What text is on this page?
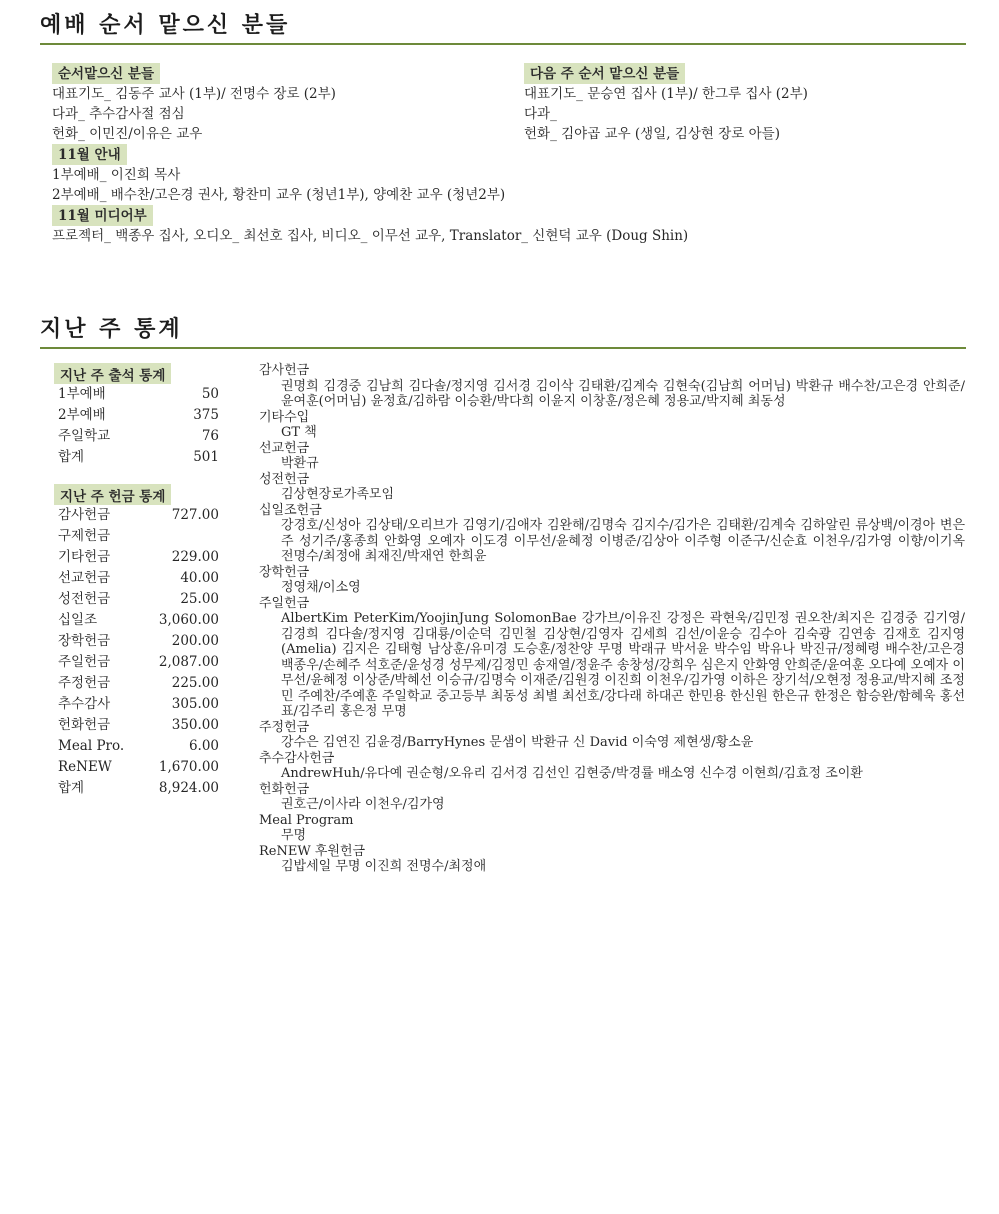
예배 순서 맡으신 분들
순서맡으신 분들
대표기도_ 김동주 교사 (1부)/ 전명수 장로 (2부)
다과_ 추수감사절 점심
헌화_ 이민진/이유은 교우
11월 안내
1부예배_ 이진희 목사
2부예배_ 배수찬/고은경 권사, 황찬미 교우 (청년1부), 양예찬 교우 (청년2부)
11월 미디어부
프로젝터_ 백종우 집사, 오디오_ 최선호 집사, 비디오_ 이무선 교우, Translator_ 신현덕 교우 (Doug Shin)
다음 주 순서 맡으신 분들
대표기도_ 문승연 집사 (1부)/ 한그루 집사 (2부)
다과_
헌화_ 김야곱 교우 (생일, 김상현 장로 아들)
지난 주 통계
지난 주 출석 통계
1부예배	50
2부예배	375
주일학교	76
합계	501
지난 주 헌금 통계
감사헌금	727.00
구제헌금
기타헌금	229.00
선교헌금	40.00
성전헌금	25.00
십일조	3,060.00
장학헌금	200.00
주일헌금	2,087.00
주정헌금	225.00
추수감사	305.00
헌화헌금	350.00
Meal Pro.	6.00
ReNEW	1,670.00
합계	8,924.00
감사헌금
권명희 김경중 김남희 김다솔/정지영 김서경 김이삭 김태환/김계숙 김현숙(김남희 어머님) 박환규 배수찬/고은경 안희준/윤여훈(어머님) 윤정효/김하람 이승환/박다희 이윤지 이창훈/정은혜 정용교/박지혜 최동성
기타수입
GT 책
선교헌금
박환규
성전헌금
김상현장로가족모임
십일조헌금
강경호/신성아 김상태/오리브가 김영기/김애자 김완해/김명숙 김지수/김가은 김태환/김계숙 김하알린 류상백/이경아 변은주 성기주/홍종희 안화영 오예자 이도경 이무선/윤혜정 이병준/김상아 이주형 이준구/신순효 이천우/김가영 이향/이기옥 전명수/최정애 최재진/박재연 한희윤
장학헌금
정영채/이소영
주일헌금
AlbertKim PeterKim/YoojinJung SolomonBae 강가브/이유진 강정은 곽현욱/김민정 권오찬/최지은 김경중 김기영/김경희 김다솔/정지영 김대룡/이순덕 김민철 김상현/김영자 김세희 김선/이윤승 김수아 김숙광 김연송 김재호 김지영(Amelia) 김지은 김태형 남상훈/유미경 도승훈/정찬양 무명 박래규 박서윤 박수임 박유나 박진규/정혜령 배수찬/고은경 백종우/손혜주 석호준/윤성경 성무제/김정민 송재열/정윤주 송창성/강희우 심은지 안화영 안희준/윤여훈 오다예 오예자 이무선/윤혜정 이상준/박혜선 이승규/김명숙 이재준/김원경 이진희 이천우/김가영 이하은 장기석/오현정 정용교/박지혜 조정민 주예찬/주예훈 주일학교 중고등부 최동성 최별 최선호/강다래 하대곤 한민용 한신원 한은규 한정은 함승완/함혜욱 홍선표/김주리 홍은정 무명
주정헌금
강수은 김연진 김윤경/BarryHynes 문샘이 박환규 신 David 이숙영 제현생/황소윤
추수감사헌금
AndrewHuh/유다예 권순형/오유리 김서경 김선인 김현중/박경률 배소영 신수경 이현희/김효정 조이환
헌화헌금
권호근/이사라 이천우/김가영
Meal Program
무명
ReNEW 후원헌금
김밥세일 무명 이진희 전명수/최정애
